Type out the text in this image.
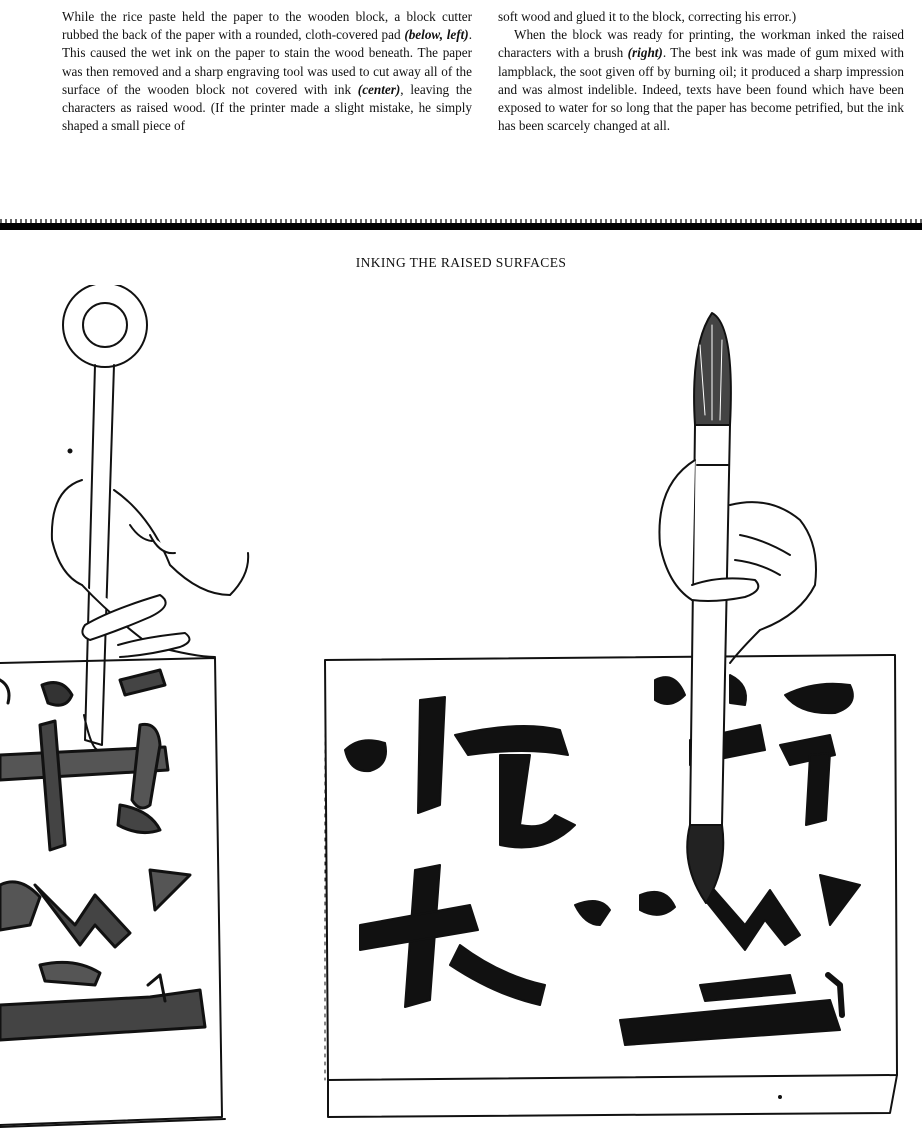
While the rice paste held the paper to the wooden block, a block cutter rubbed the back of the paper with a rounded, cloth-covered pad (below, left). This caused the wet ink on the paper to stain the wood beneath. The paper was then removed and a sharp engraving tool was used to cut away all of the surface of the wooden block not covered with ink (center), leaving the characters as raised wood. (If the printer made a slight mistake, he simply shaped a small piece of

soft wood and glued it to the block, correcting his error.)

When the block was ready for printing, the workman inked the raised characters with a brush (right). The best ink was made of gum mixed with lampblack, the soot given off by burning oil; it produced a sharp impression and was almost indelible. Indeed, texts have been found which have been exposed to water for so long that the paper has become petrified, but the ink has been scarcely changed at all.

INKING THE RAISED SURFACES
